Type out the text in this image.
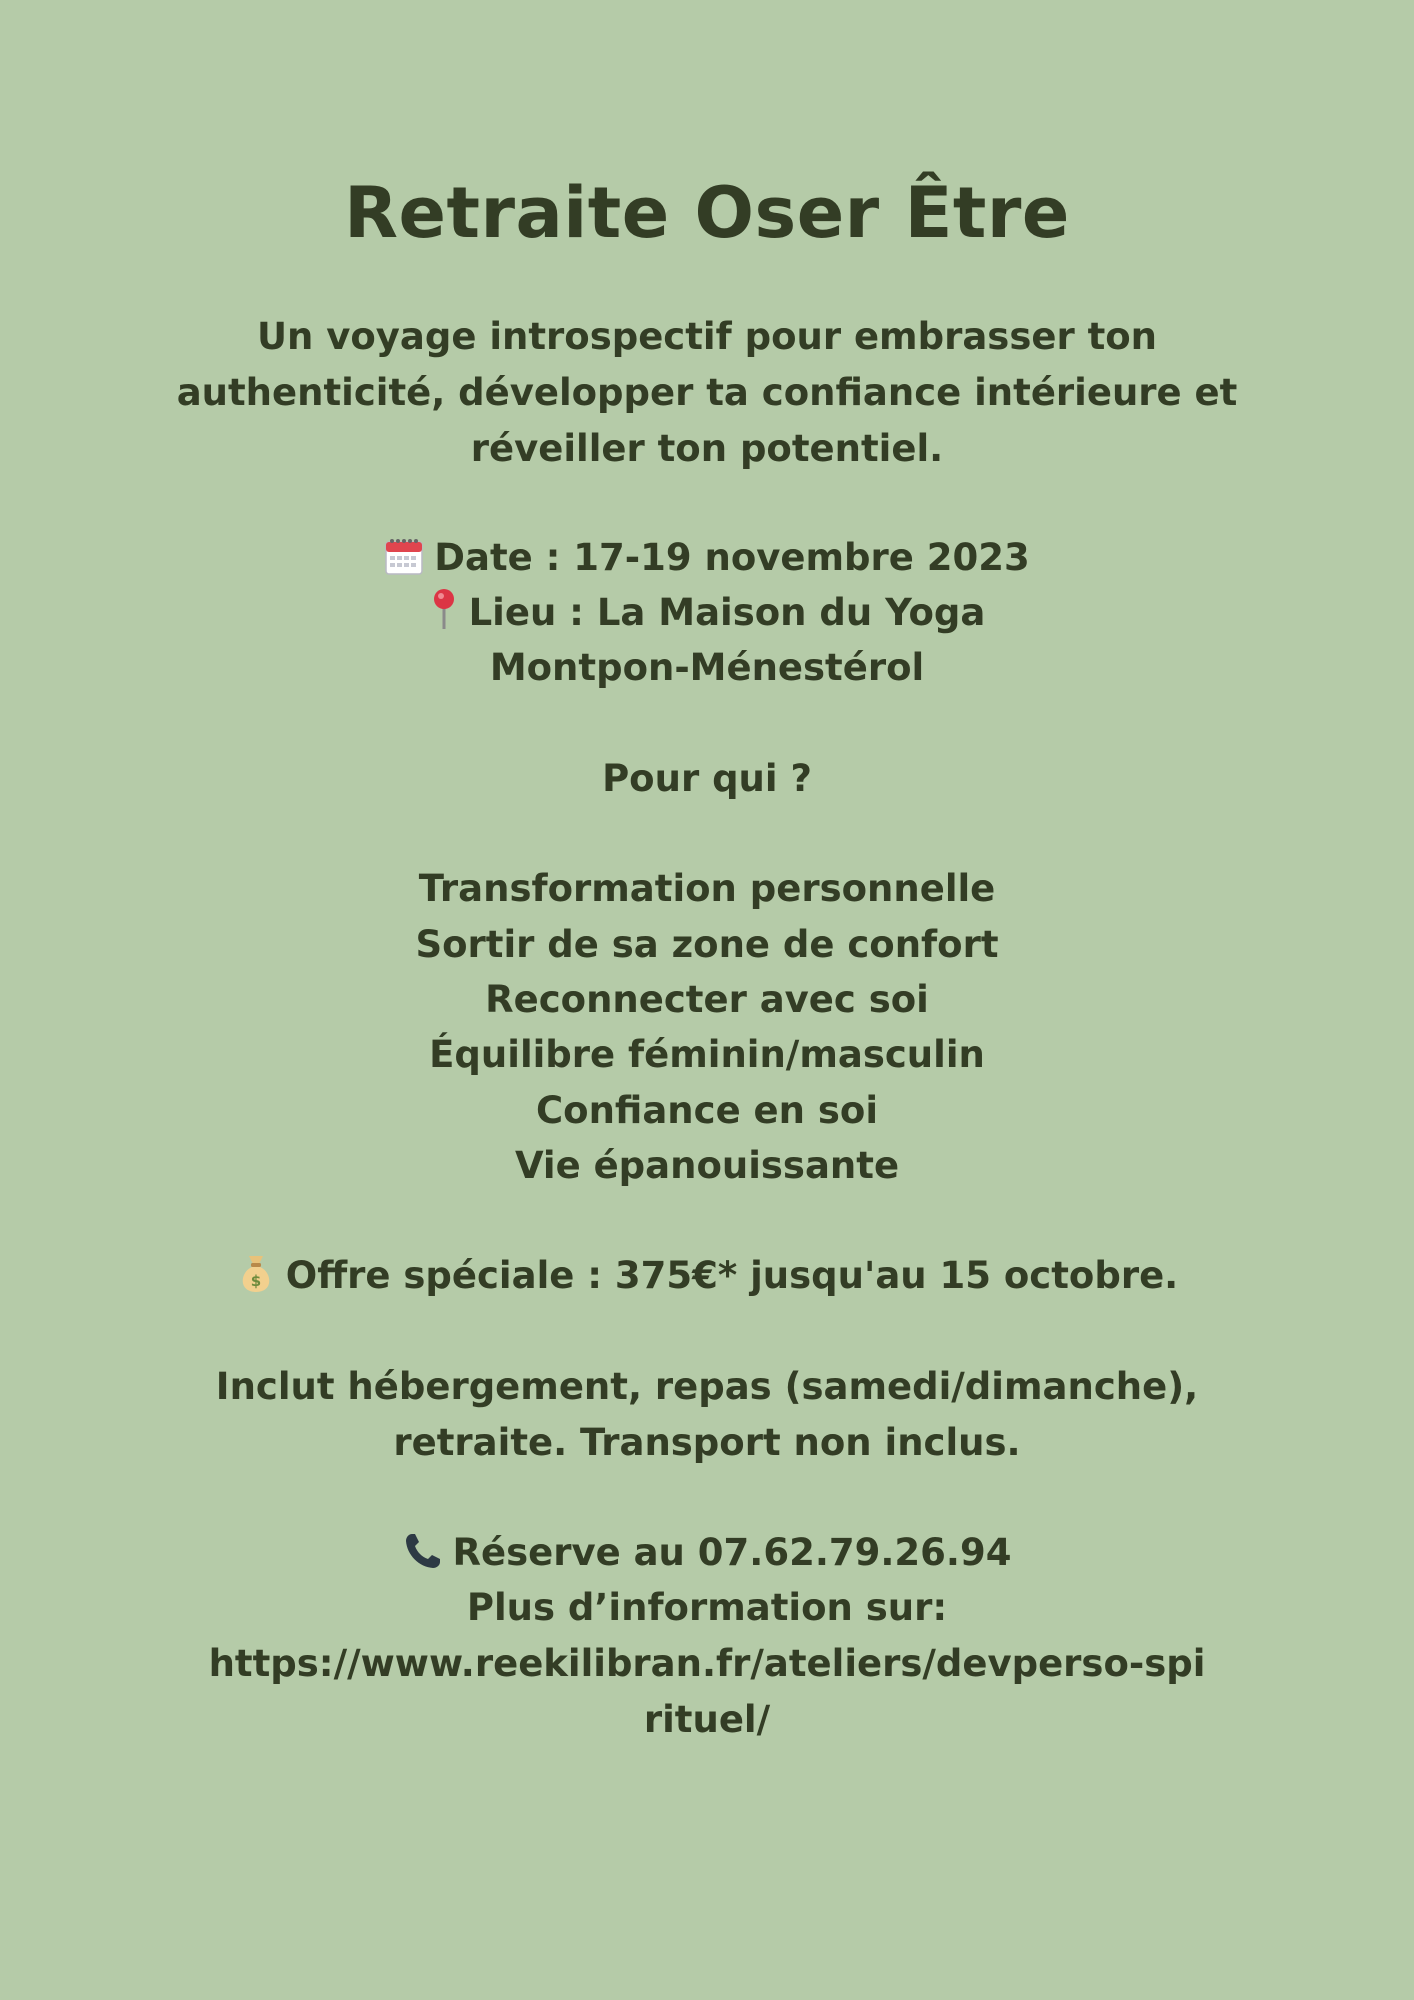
Retraite Oser Être

Un voyage introspectif pour embrasser ton authenticité, développer ta confiance intérieure et réveiller ton potentiel.

Date : 17-19 novembre 2023
Lieu : La Maison du Yoga
Montpon-Ménestérol
Pour qui ?
Transformation personnelle
Sortir de sa zone de confort
Reconnecter avec soi
Équilibre féminin/masculin
Confiance en soi
Vie épanouissante
$ Offre spéciale : 375€* jusqu'au 15 octobre.

Inclut hébergement, repas (samedi/dimanche), retraite. Transport non inclus.

Réserve au 07.62.79.26.94
Plus d’information sur:

https://www.reekilibran.fr/ateliers/devperso-spirituel/
